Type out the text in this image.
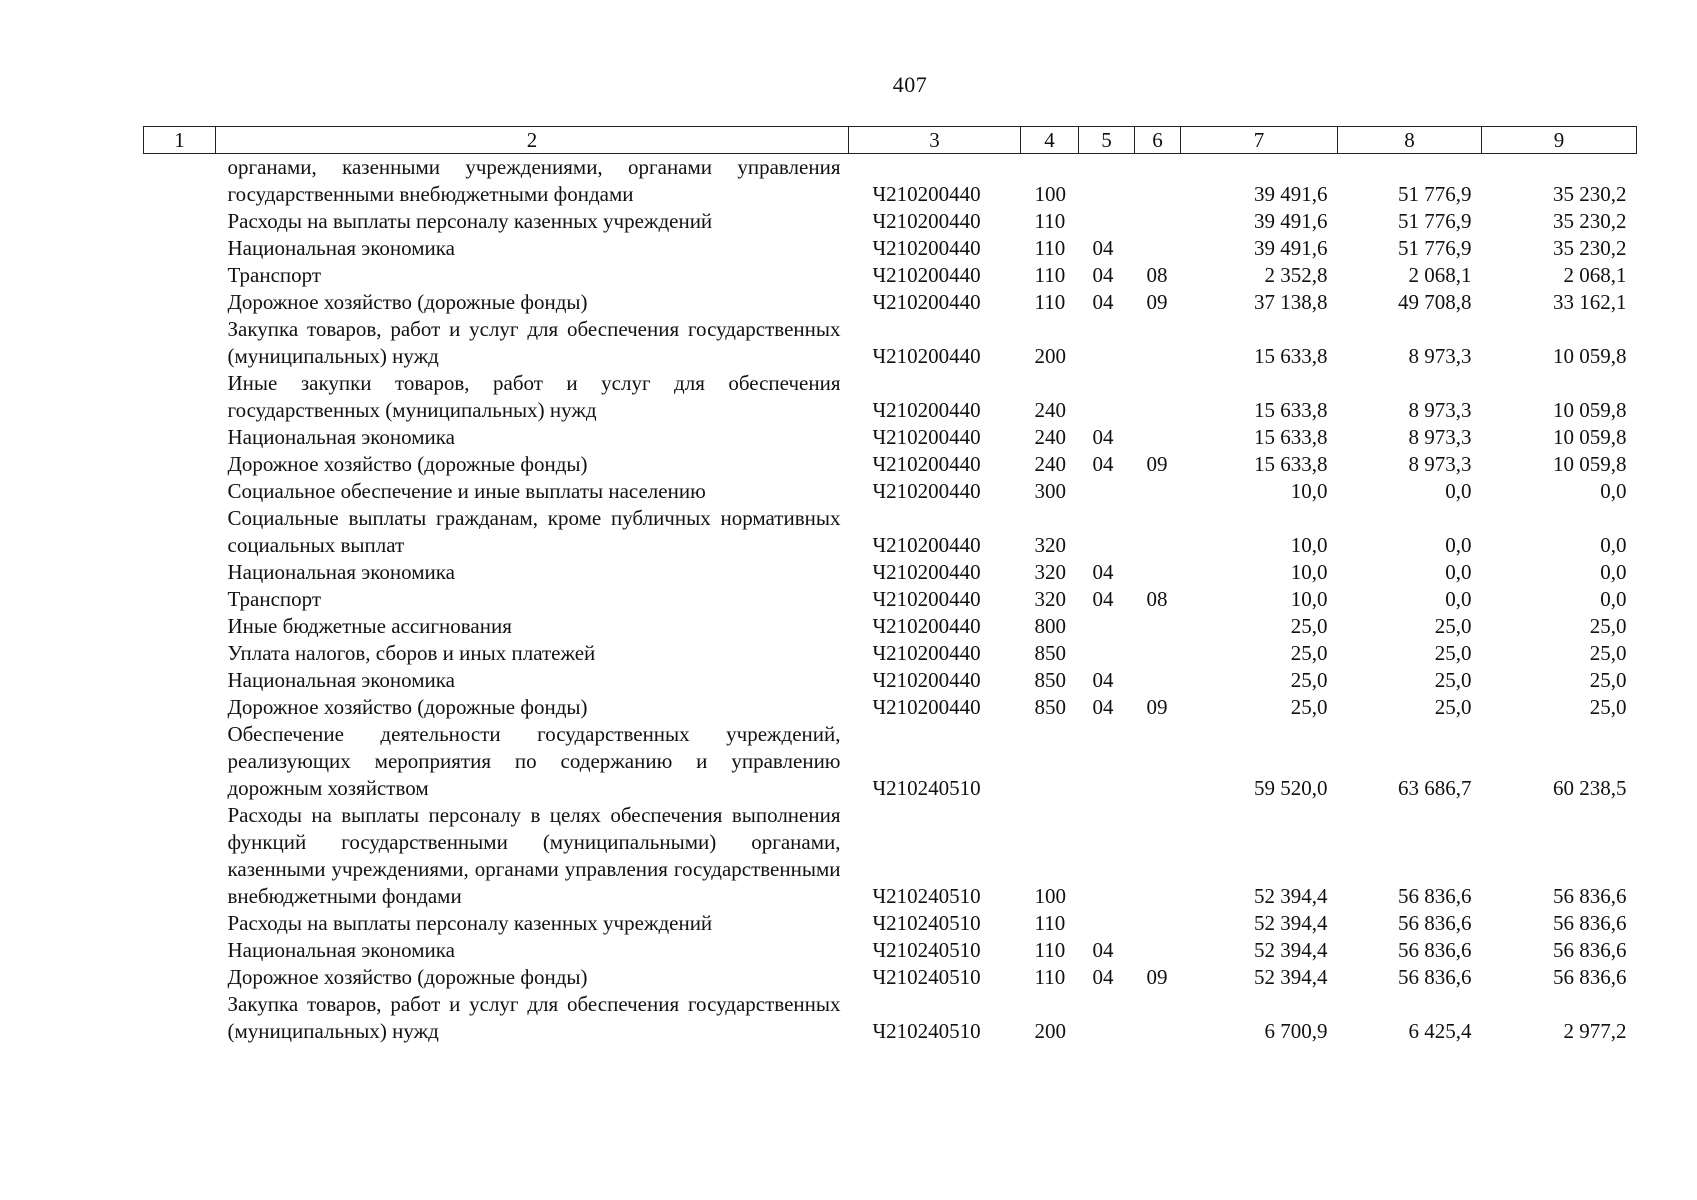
407
1	2	3	4	5	6	7	8	9
	органами, казенными учреждениями, органами управления государственными внебюджетными фондами	Ч210200440	100			39 491,6	51 776,9	35 230,2
	Расходы на выплаты персоналу казенных учреждений	Ч210200440	110			39 491,6	51 776,9	35 230,2
	Национальная экономика	Ч210200440	110	04		39 491,6	51 776,9	35 230,2
	Транспорт	Ч210200440	110	04	08	2 352,8	2 068,1	2 068,1
	Дорожное хозяйство (дорожные фонды)	Ч210200440	110	04	09	37 138,8	49 708,8	33 162,1
	Закупка товаров, работ и услуг для обеспечения государственных (муниципальных) нужд	Ч210200440	200			15 633,8	8 973,3	10 059,8
	Иные закупки товаров, работ и услуг для обеспечения государственных (муниципальных) нужд	Ч210200440	240			15 633,8	8 973,3	10 059,8
	Национальная экономика	Ч210200440	240	04		15 633,8	8 973,3	10 059,8
	Дорожное хозяйство (дорожные фонды)	Ч210200440	240	04	09	15 633,8	8 973,3	10 059,8
	Социальное обеспечение и иные выплаты населению	Ч210200440	300			10,0	0,0	0,0
	Социальные выплаты гражданам, кроме публичных нормативных социальных выплат	Ч210200440	320			10,0	0,0	0,0
	Национальная экономика	Ч210200440	320	04		10,0	0,0	0,0
	Транспорт	Ч210200440	320	04	08	10,0	0,0	0,0
	Иные бюджетные ассигнования	Ч210200440	800			25,0	25,0	25,0
	Уплата налогов, сборов и иных платежей	Ч210200440	850			25,0	25,0	25,0
	Национальная экономика	Ч210200440	850	04		25,0	25,0	25,0
	Дорожное хозяйство (дорожные фонды)	Ч210200440	850	04	09	25,0	25,0	25,0
	Обеспечение деятельности государственных учреждений, реализующих мероприятия по содержанию и управлению дорожным хозяйством	Ч210240510				59 520,0	63 686,7	60 238,5
	Расходы на выплаты персоналу в целях обеспечения выполнения функций государственными (муниципальными) органами, казенными учреждениями, органами управления государственными внебюджетными фондами	Ч210240510	100			52 394,4	56 836,6	56 836,6
	Расходы на выплаты персоналу казенных учреждений	Ч210240510	110			52 394,4	56 836,6	56 836,6
	Национальная экономика	Ч210240510	110	04		52 394,4	56 836,6	56 836,6
	Дорожное хозяйство (дорожные фонды)	Ч210240510	110	04	09	52 394,4	56 836,6	56 836,6
	Закупка товаров, работ и услуг для обеспечения государственных (муниципальных) нужд	Ч210240510	200			6 700,9	6 425,4	2 977,2
